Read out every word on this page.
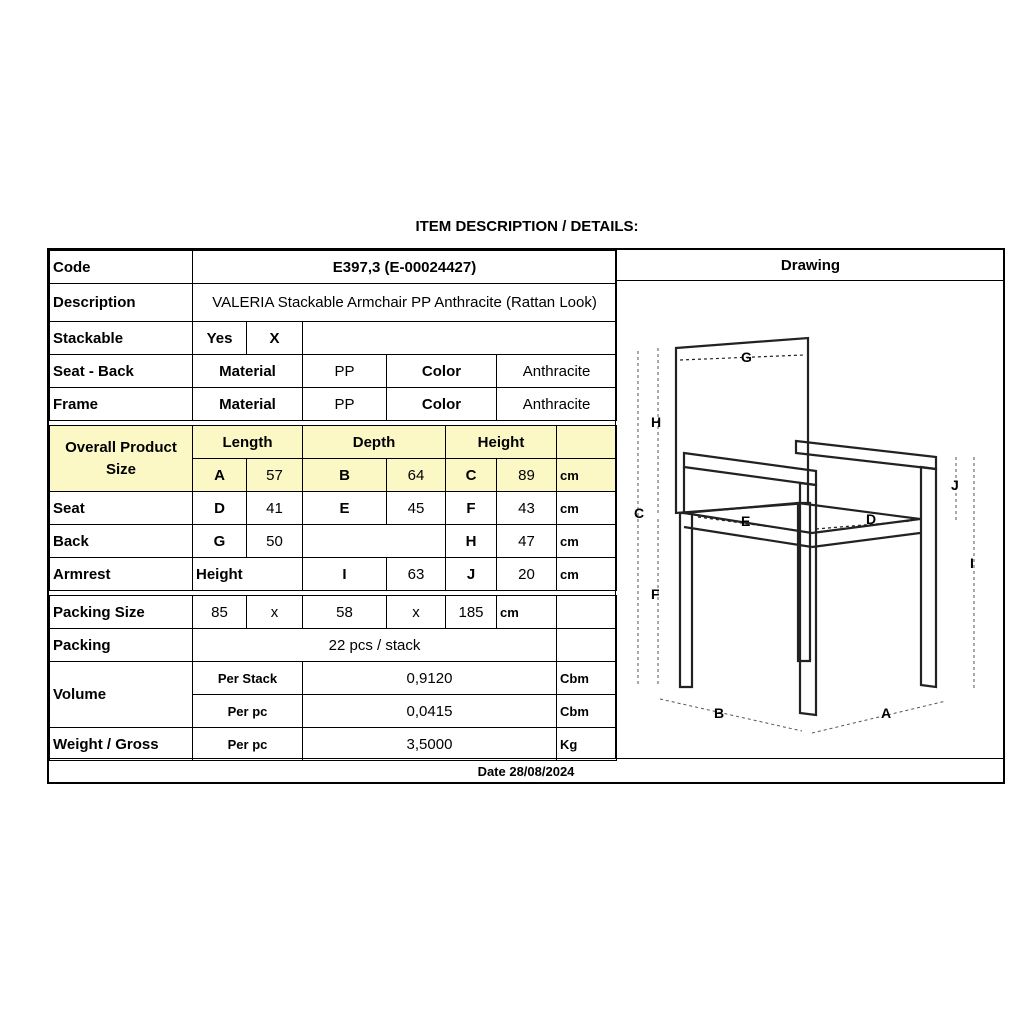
ITEM DESCRIPTION / DETAILS:
Code	E397,3 (E-00024427)						
Description	VALERIA Stackable Armchair PP Anthracite (Rattan Look)						
Stackable	Yes	X					
Seat - Back	Material		PP	Color		Anthracite	
Frame	Material		PP	Color		Anthracite	

Overall Product Size	Length		Depth		Height		
	A	57	B	64	C	89	cm
Seat	D	41	E	45	F	43	cm
Back	G	50			H	47	cm
Armrest	Height		I	63	J	20	cm

Packing Size	85	x	58	x	185	cm	
Packing	22 pcs / stack						
Volume	Per Stack		0,9120				Cbm
	Per pc		0,0415				Cbm
Weight / Gross	Per pc		3,5000				Kg
Drawing
G
H
C	E	D
F
J
I
B	A
Date 28/08/2024
